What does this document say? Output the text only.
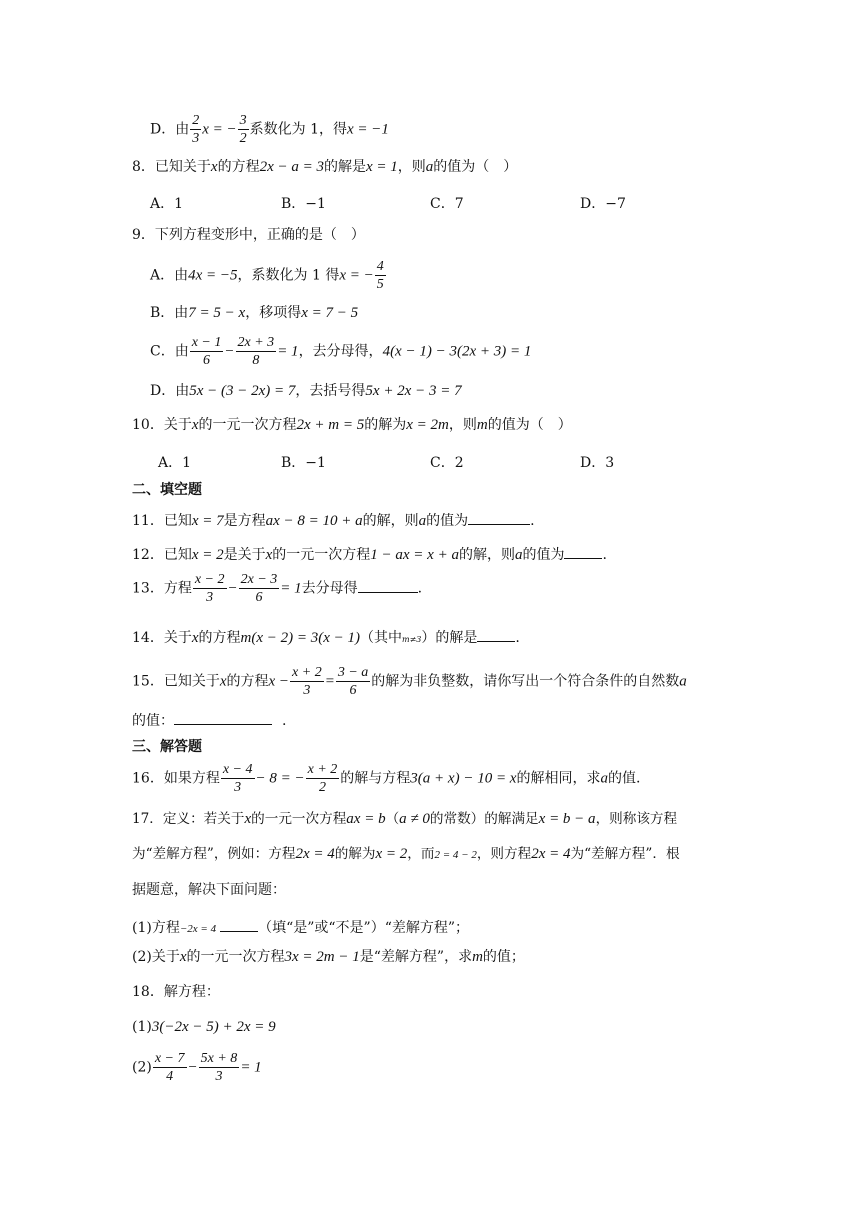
D．由 $\frac{2}{3}$ x = − $\frac{3}{2}$ 系数化为 1，得x = −1
8．已知关于x的方程2x − a = 3的解是x = 1，则a的值为（　）
A．1	B．−1	C．7	D．−7
9．下列方程变形中，正确的是（　）
A．由4x = −5，系数化为 1 得x = − $\frac{4}{5}$
B．由7 = 5 − x，移项得x = 7 − 5
C．由 $\frac{x - 1}{6} - \frac{2x + 3}{8} = 1$，去分母得，4(x − 1) − 3(2x + 3) = 1
D．由5x − (3 − 2x) = 7，去括号得5x + 2x − 3 = 7
10．关于x的一元一次方程2x + m = 5的解为x = 2m，则m的值为（　）
A．1	B．−1	C．2	D．3
二、填空题
11．已知x = 7是方程ax − 8 = 10 + a的解，则a的值为	.
12．已知x = 2是关于x的一元一次方程1 − ax = x + a的解，则a的值为	.
13．方程 $\frac{x - 2}{3} - \frac{2x - 3}{6} = 1$去分母得	.
14．关于x的方程m(x − 2) = 3(x − 1)（其中m≠3）的解是	.
15．已知关于x的方程$x - \frac{x + 2}{3} = \frac{3 - a}{6}$ 的解为非负整数，请你写出一个符合条件的自然数a
的值：	.
三、解答题
16．如果方程 $\frac{x - 4}{3} - 8$ = − $\frac{x + 2}{2}$ 的解与方程3(a + x) − 10 = x的解相同，求a的值.
17．定义：若关于x的一元一次方程ax = b（a ≠ 0的常数）的解满足x = b − a，则称该方程
为“差解方程”，例如：方程2x = 4的解为x = 2，而2 = 4 − 2，则方程2x = 4为“差解方程”．根
据题意，解决下面问题：
(1)方程−2x = 4	（填“是”或“不是”）“差解方程”；
(2)关于x的一元一次方程3x = 2m − 1是“差解方程”，求m的值；
18．解方程：
(1)3(−2x − 5) + 2x = 9
$(2) \frac{x - 7}{4} - \frac{5x + 8}{3} = 1$
